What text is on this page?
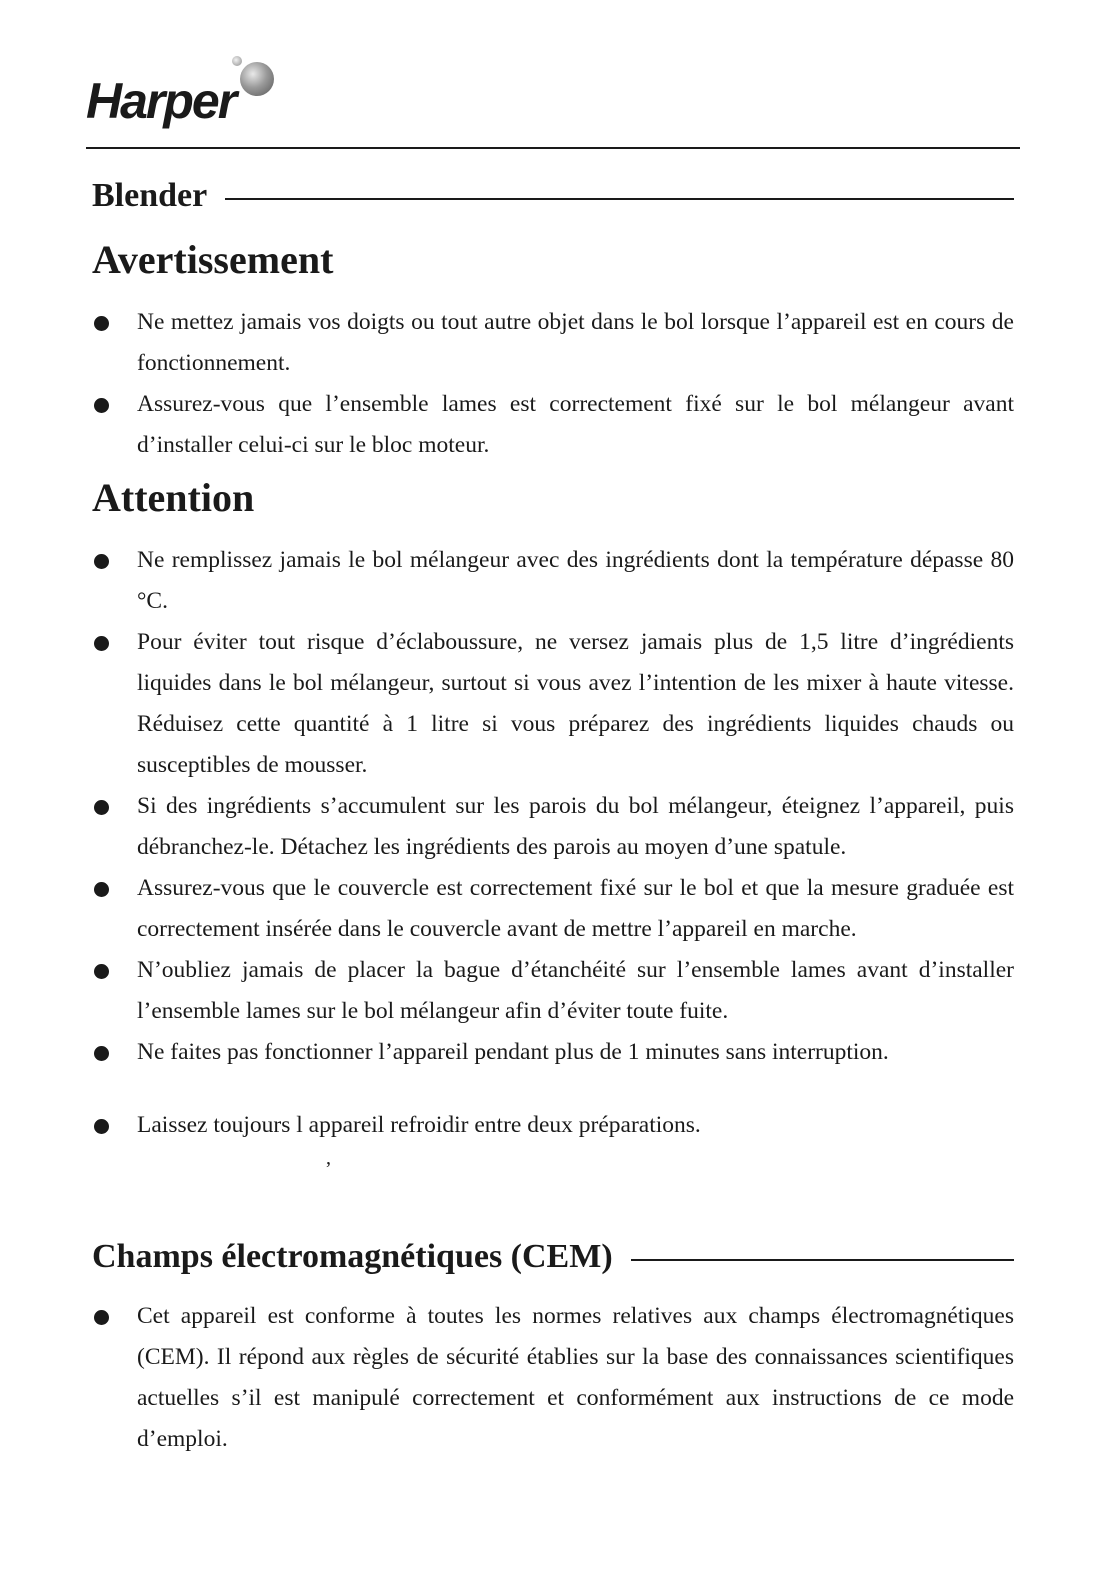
Harper
Blender
Avertissement
Ne mettez jamais vos doigts ou tout autre objet dans le bol lorsque l’appareil est en cours de fonctionnement.
Assurez-vous que l’ensemble lames est correctement fixé sur le bol mélangeur avant d’installer celui-ci sur le bloc moteur.
Attention
Ne remplissez jamais le bol mélangeur avec des ingrédients dont la température dépasse 80 °C.
Pour éviter tout risque d’éclaboussure, ne versez jamais plus de 1,5 litre d’ingrédients liquides dans le bol mélangeur, surtout si vous avez l’intention de les mixer à haute vitesse. Réduisez cette quantité à 1 litre si vous préparez des ingrédients liquides chauds ou susceptibles de mousser.
Si des ingrédients s’accumulent sur les parois du bol mélangeur, éteignez l’appareil, puis débranchez-le. Détachez les ingrédients des parois au moyen d’une spatule.
Assurez-vous que le couvercle est correctement fixé sur le bol et que la mesure graduée est correctement insérée dans le couvercle avant de mettre l’appareil en marche.
N’oubliez jamais de placer la bague d’étanchéité sur l’ensemble lames avant d’installer l’ensemble lames sur le bol mélangeur afin d’éviter toute fuite.
Ne faites pas fonctionner l’appareil pendant plus de 1 minutes sans interruption.
Laissez toujours l appareil refroidir entre deux préparations.
’
Champs électromagnétiques (CEM)
Cet appareil est conforme à toutes les normes relatives aux champs électromagnétiques (CEM). Il répond aux règles de sécurité établies sur la base des connaissances scientifiques actuelles s’il est manipulé correctement et conformément aux instructions de ce mode d’emploi.
